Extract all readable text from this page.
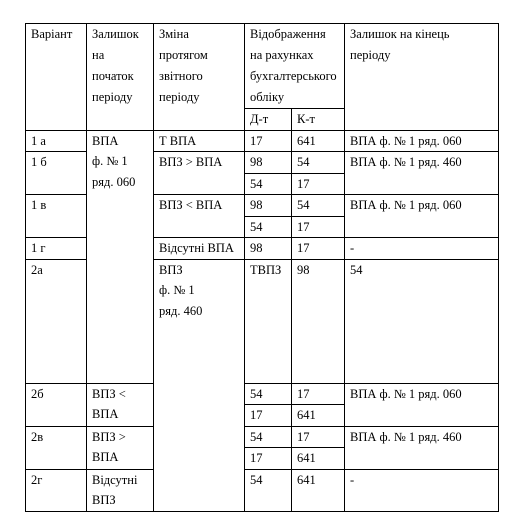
Варіант	Залишок
на
початок
періоду	Зміна
протягом
звітного
періоду	Відображення
на рахунках
бухгалтерського
обліку		Залишок на кінець
періоду	

			Д-т	К-т		
1 а	ВПА
ф. № 1
ряд. 060	Т ВПА	17	641	ВПА ф. № 1 ряд. 060	
1 б		ВПЗ > ВПА	98	54	ВПА ф. № 1 ряд. 460	
			54	17		
1 в		ВПЗ < ВПА	98	54	ВПА ф. № 1 ряд. 060	
			54	17		
1 г		Відсутні ВПА	98	17	-	
2а		ВПЗ
ф. № 1
ряд. 460	ТВПЗ	98	54	
2б	ВПЗ < ВПА		54	17	ВПА ф. № 1 ряд. 060	
			17	641		
2в	ВПЗ > ВПА		54	17	ВПА ф. № 1 ряд. 460	
			17	641		
2г	Відсутні ВПЗ		54	641	-	
